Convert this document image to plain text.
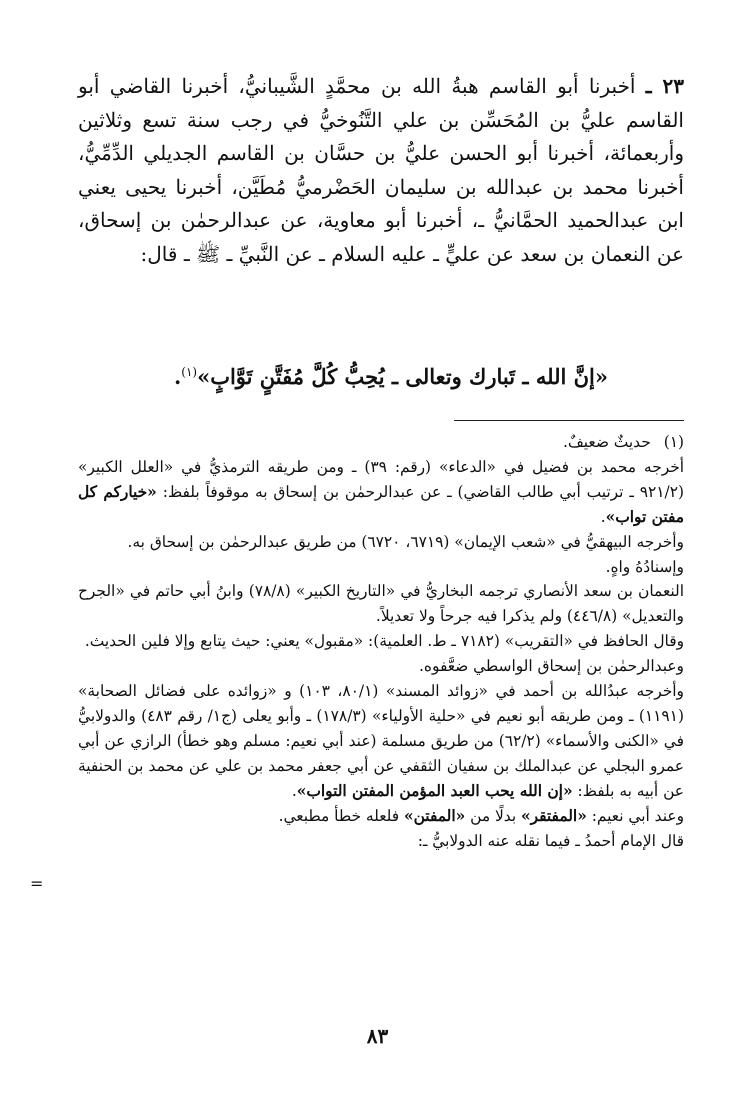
٢٣ ـ أخبرنا أبو القاسم هبةُ الله بن محمَّدٍ الشَّيبانيُّ، أخبرنا القاضي أبو القاسم عليُّ بن المُحَسِّن بن علي التَّنُوخيُّ في رجب سنة تسع وثلاثين وأربعمائة، أخبرنا أبو الحسن عليُّ بن حسَّان بن القاسم الجديلي الدِّمِّيُّ، أخبرنا محمد بن عبدالله بن سليمان الحَضْرميُّ مُطَيَّن، أخبرنا يحيى يعني ابن عبدالحميد الحمَّانيُّ ـ، أخبرنا أبو معاوية، عن عبدالرحمٰن بن إسحاق، عن النعمان بن سعد عن عليٍّ ـ عليه السلام ـ عن النَّبيِّ ـ ﷺ ـ قال:

«إنَّ الله ـ تَبارك وتعالى ـ يُحِبُّ كُلَّ مُفَتَّنٍ تَوَّابٍ»$^{(١)}$.

(١) حديثٌ ضعيفٌ.

أخرجه محمد بن فضيل في «الدعاء» (رقم: ٣٩) ـ ومن طريقه الترمذيُّ في «العلل الكبير» (٩٢١/٢ ـ ترتيب أبي طالب القاضي) ـ عن عبدالرحمٰن بن إسحاق به موقوفاً بلفظ: «خياركم كل مفتن تواب».

وأخرجه البيهقيُّ في «شعب الإيمان» (٦٧١٩، ٦٧٢٠) من طريق عبدالرحمٰن بن إسحاق به.

وإسنادُهُ واهٍ.

النعمان بن سعد الأنصاري ترجمه البخاريُّ في «التاريخ الكبير» (٧٨/٨) وابنُ أبي حاتم في «الجرح والتعديل» (٤٤٦/٨) ولم يذكرا فيه جرحاً ولا تعديلاً.

وقال الحافظ في «التقريب» (٧١٨٢ ـ ط. العلمية): «مقبول» يعني: حيث يتابع وإلا فلين الحديث.

وعبدالرحمٰن بن إسحاق الواسطي ضعَّفوه.

وأخرجه عبدُالله بن أحمد في «زوائد المسند» (٨٠/١، ١٠٣) و «زوائده على فضائل الصحابة» (١١٩١) ـ ومن طريقه أبو نعيم في «حلية الأولياء» (١٧٨/٣) ـ وأبو يعلى (ج١/ رقم ٤٨٣) والدولابيُّ في «الكنى والأسماء» (٦٢/٢) من طريق مسلمة (عند أبي نعيم: مسلم وهو خطأ) الرازي عن أبي عمرو البجلي عن عبدالملك بن سفيان الثقفي عن أبي جعفر محمد بن علي عن محمد بن الحنفية عن أبيه به بلفظ: «إن الله يحب العبد المؤمن المفتن التواب».

وعند أبي نعيم: «المفتقر» بدلًا من «المفتن» فلعله خطأ مطبعي.

قال الإمام أحمدُ ـ فيما نقله عنه الدولابيُّ ـ:

=
٨٣
